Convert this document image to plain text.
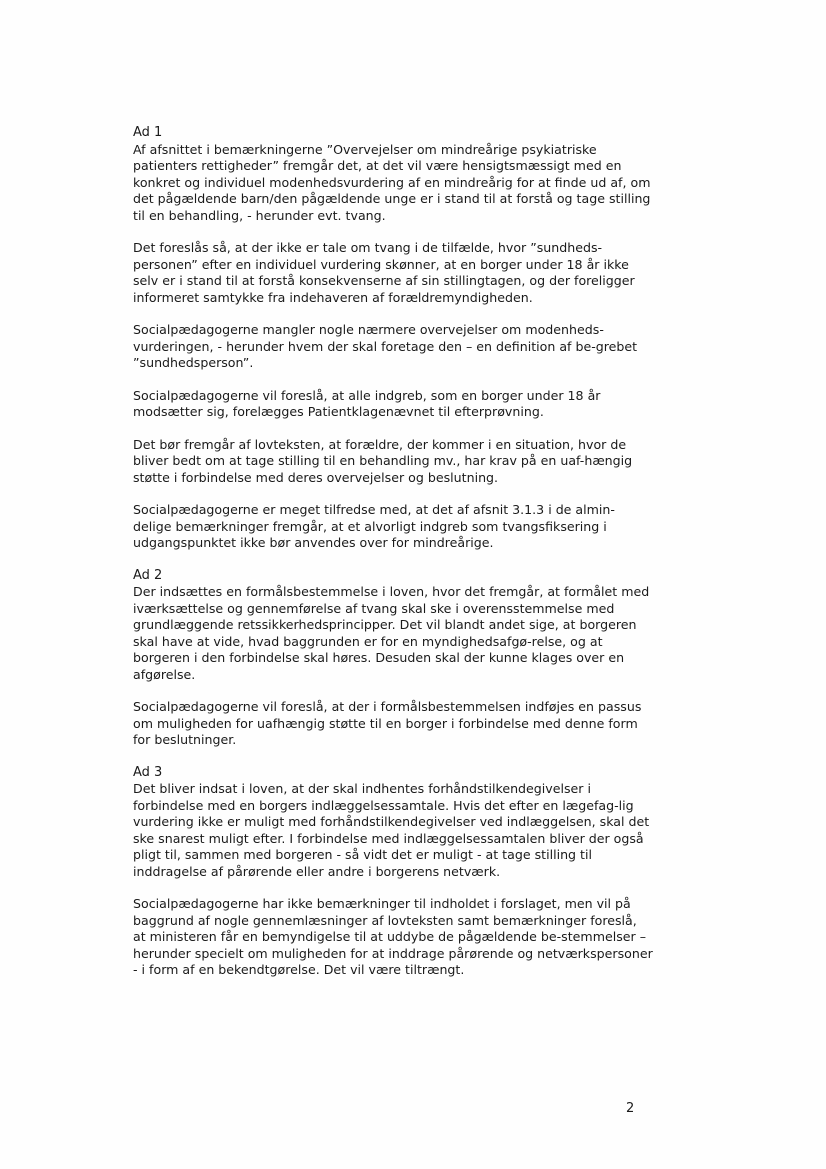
Ad 1

Af afsnittet i bemærkningerne ”Overvejelser om mindreårige psykiatriske patienters rettigheder” fremgår det, at det vil være hensigtsmæssigt med en konkret og individuel modenhedsvurdering af en mindreårig for at finde ud af, om det pågældende barn/den pågældende unge er i stand til at forstå og tage stilling til en behandling, - herunder evt. tvang.

Det foreslås så, at der ikke er tale om tvang i de tilfælde, hvor ”sundheds-personen” efter en individuel vurdering skønner, at en borger under 18 år ikke selv er i stand til at forstå konsekvenserne af sin stillingtagen, og der foreligger informeret samtykke fra indehaveren af forældremyndigheden.

Socialpædagogerne mangler nogle nærmere overvejelser om modenheds-vurderingen, - herunder hvem der skal foretage den – en definition af be-grebet ”sundhedsperson”.

Socialpædagogerne vil foreslå, at alle indgreb, som en borger under 18 år modsætter sig, forelægges Patientklagenævnet til efterprøvning.

Det bør fremgår af lovteksten, at forældre, der kommer i en situation, hvor de bliver bedt om at tage stilling til en behandling mv., har krav på en uaf-hængig støtte i forbindelse med deres overvejelser og beslutning.

Socialpædagogerne er meget tilfredse med, at det af afsnit 3.1.3 i de almin-delige bemærkninger fremgår, at et alvorligt indgreb som tvangsfiksering i udgangspunktet ikke bør anvendes over for mindreårige.

Ad 2

Der indsættes en formålsbestemmelse i loven, hvor det fremgår, at formålet med iværksættelse og gennemførelse af tvang skal ske i overensstemmelse med grundlæggende retssikkerhedsprincipper. Det vil blandt andet sige, at borgeren skal have at vide, hvad baggrunden er for en myndighedsafgø-relse, og at borgeren i den forbindelse skal høres. Desuden skal der kunne klages over en afgørelse.

Socialpædagogerne vil foreslå, at der i formålsbestemmelsen indføjes en passus om muligheden for uafhængig støtte til en borger i forbindelse med denne form for beslutninger.

Ad 3

Det bliver indsat i loven, at der skal indhentes forhåndstilkendegivelser i forbindelse med en borgers indlæggelsessamtale. Hvis det efter en lægefag-lig vurdering ikke er muligt med forhåndstilkendegivelser ved indlæggelsen, skal det ske snarest muligt efter. I forbindelse med indlæggelsessamtalen bliver der også pligt til, sammen med borgeren - så vidt det er muligt - at tage stilling til inddragelse af pårørende eller andre i borgerens netværk.

Socialpædagogerne har ikke bemærkninger til indholdet i forslaget, men vil på baggrund af nogle gennemlæsninger af lovteksten samt bemærkninger foreslå, at ministeren får en bemyndigelse til at uddybe de pågældende be-stemmelser – herunder specielt om muligheden for at inddrage pårørende og netværkspersoner - i form af en bekendtgørelse. Det vil være tiltrængt.

2
